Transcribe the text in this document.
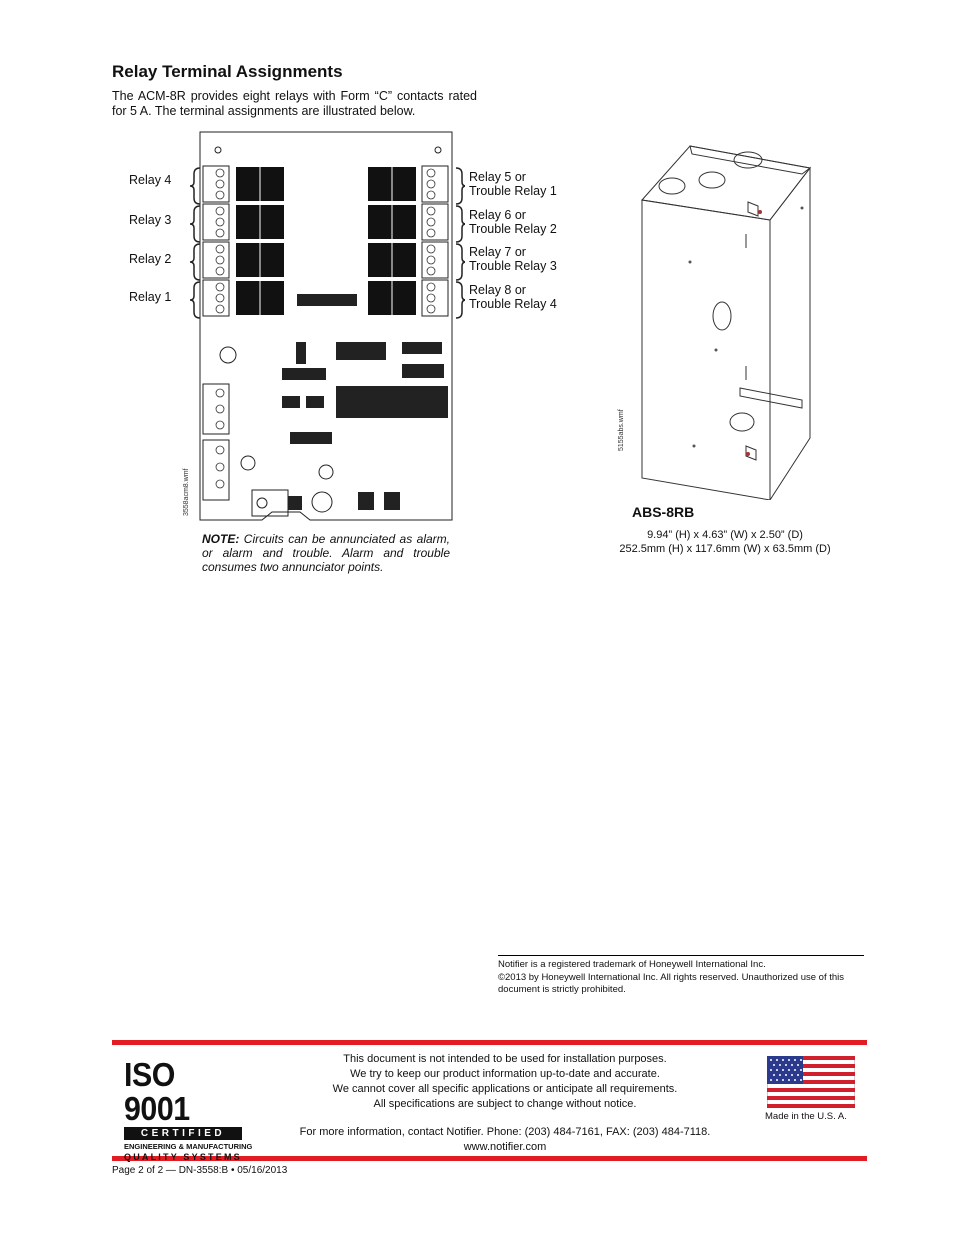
Relay Terminal Assignments
The ACM-8R provides eight relays with Form “C” contacts rated for 5 A. The terminal assignments are illustrated below.
Relay 4
Relay 3
Relay 2
Relay 1
Relay 5 or
Trouble Relay 1
Relay 6 or
Trouble Relay 2
Relay 7 or
Trouble Relay 3
Relay 8 or
Trouble Relay 4
3558acm8.wmf
NOTE: Circuits can be annunciated as alarm, or alarm and trouble. Alarm and trouble consumes two annunciator points.
5155abs.wmf
ABS-8RB
9.94” (H) x 4.63” (W) x 2.50” (D)
252.5mm (H) x 117.6mm (W) x 63.5mm (D)
Notifier is a registered trademark of Honeywell International Inc.
©2013 by Honeywell International Inc. All rights reserved. Unauthorized use of this document is strictly prohibited.
ISO 9001
CERTIFIED
ENGINEERING & MANUFACTURING
QUALITY SYSTEMS
This document is not intended to be used for installation purposes.
We try to keep our product information up-to-date and accurate.
We cannot cover all specific applications or anticipate all requirements.
All specifications are subject to change without notice.
For more information, contact Notifier. Phone: (203) 484-7161, FAX: (203) 484-7118.
www.notifier.com
Made in the U.S. A.
Page 2 of 2 — DN-3558:B • 05/16/2013
